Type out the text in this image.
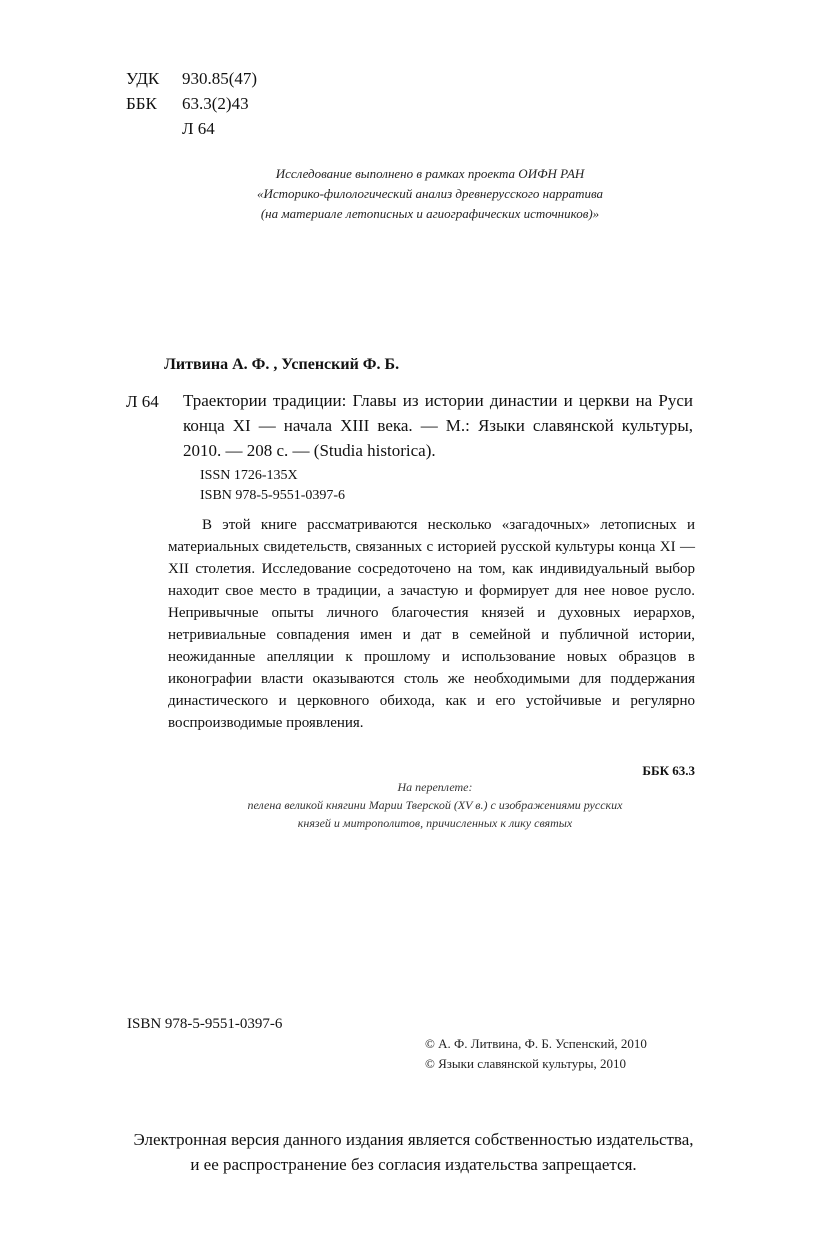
УДК 930.85(47)
ББК 63.3(2)43
Л 64
Исследование выполнено в рамках проекта ОИФН РАН
«Историко-филологический анализ древнерусского нарратива
(на материале летописных и агиографических источников)»
Литвина А. Ф. , Успенский Ф. Б.
Л 64 Траектории традиции: Главы из истории династии и церкви на Руси конца XI — начала XIII века. — М.: Языки славянской культуры, 2010. — 208 с. — (Studia historica).
ISSN 1726-135X
ISBN 978-5-9551-0397-6
В этой книге рассматриваются несколько «загадочных» летописных и материальных свидетельств, связанных с историей русской культуры конца XI — XII столетия. Исследование сосредоточено на том, как индивидуальный выбор находит свое место в традиции, а зачастую и формирует для нее новое русло. Непривычные опыты личного благочестия князей и духовных иерархов, нетривиальные совпадения имен и дат в семейной и публичной истории, неожиданные апелляции к прошлому и использование новых образцов в иконографии власти оказываются столь же необходимыми для поддержания династического и церковного обихода, как и его устойчивые и регулярно воспроизводимые проявления.
ББК 63.3
На переплете:
пелена великой княгини Марии Тверской (XV в.) с изображениями русских
князей и митрополитов, причисленных к лику святых
ISBN 978-5-9551-0397-6
© А. Ф. Литвина, Ф. Б. Успенский, 2010
© Языки славянской культуры, 2010
Электронная версия данного издания является собственностью издательства,
и ее распространение без согласия издательства запрещается.
